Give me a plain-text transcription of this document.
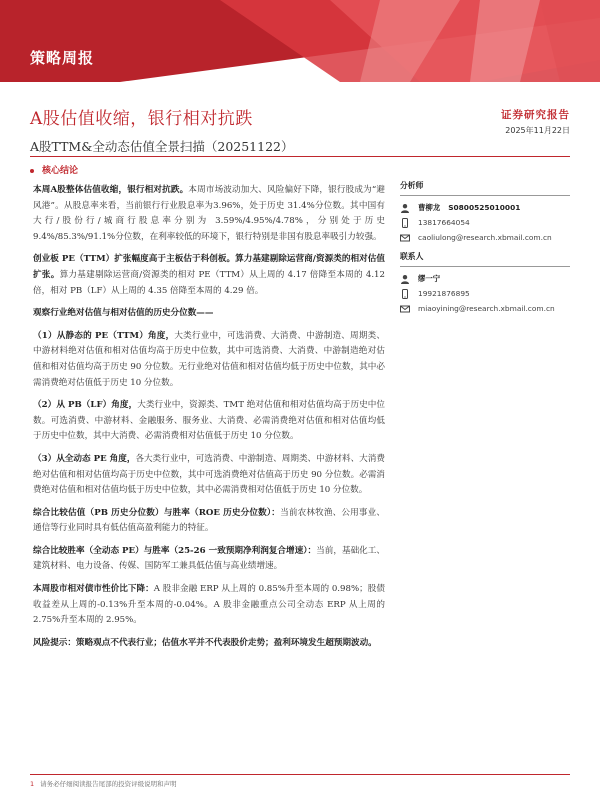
策略周报
A股估值收缩，银行相对抗跌
A股TTM&全动态估值全景扫描（20251122）
证券研究报告
2025年11月22日
核心结论

本周A股整体估值收缩，银行相对抗跌。本周市场波动加大、风险偏好下降，银行股成为“避风港”。从股息率来看，当前银行行业股息率为3.96%，处于历史 31.4%分位数。其中国有大行/股份行/城商行股息率分别为 3.59%/4.95%/4.78%，分别处于历史 9.4%/85.3%/91.1%分位数，在利率较低的环境下，银行特别是非国有股息率吸引力较强。

创业板 PE（TTM）扩张幅度高于主板估于科创板。算力基建剔除运营商/资源类的相对估值扩张。算力基建剔除运营商/资源类的相对 PE（TTM）从上周的 4.17 倍降至本周的 4.12 倍，相对 PB（LF）从上周的 4.35 倍降至本周的 4.29 倍。

观察行业绝对估值与相对估值的历史分位数——

（1）从静态的 PE（TTM）角度，大类行业中，可选消费、大消费、中游制造、周期类、中游材料绝对估值和相对估值均高于历史中位数，其中可选消费、大消费、中游制造绝对估值和相对估值均高于历史 90 分位数。无行业绝对估值和相对估值均低于历史中位数，其中必需消费绝对估值低于历史 10 分位数。

（2）从 PB（LF）角度，大类行业中，资源类、TMT 绝对估值和相对估值均高于历史中位数。可选消费、中游材料、金融服务、服务业、大消费、必需消费绝对估值和相对估值均低于历史中位数，其中大消费、必需消费相对估值低于历史 10 分位数。

（3）从全动态 PE 角度，各大类行业中，可选消费、中游制造、周期类、中游材料、大消费绝对估值和相对估值均高于历史中位数，其中可选消费绝对估值高于历史 90 分位数。必需消费绝对估值和相对估值均低于历史中位数，其中必需消费相对估值低于历史 10 分位数。

综合比较估值（PB 历史分位数）与胜率（ROE 历史分位数）：当前农林牧渔、公用事业、通信等行业同时具有低估值高盈利能力的特征。

综合比较胜率（全动态 PE）与胜率（25-26 一致预期净利润复合增速）：当前，基础化工、建筑材料、电力设备、传媒、国防军工兼具低估值与高业绩增速。

本周股市相对债市性价比下降：A 股非金融 ERP 从上周的 0.85%升至本周的 0.98%；股债收益差从上周的-0.13%升至本周的-0.04%。A 股非金融重点公司全动态 ERP 从上周的 2.75%升至本周的 2.95%。

风险提示：策略观点不代表行业；估值水平并不代表股价走势；盈利环境发生超预期波动。

分析师
曹柳龙 S0800525010001
13817664054
caoliulong@research.xbmail.com.cn
联系人
缪一宁
19921876895
miaoyining@research.xbmail.com.cn
1 请务必仔细阅读报告尾部的投资评级说明和声明
